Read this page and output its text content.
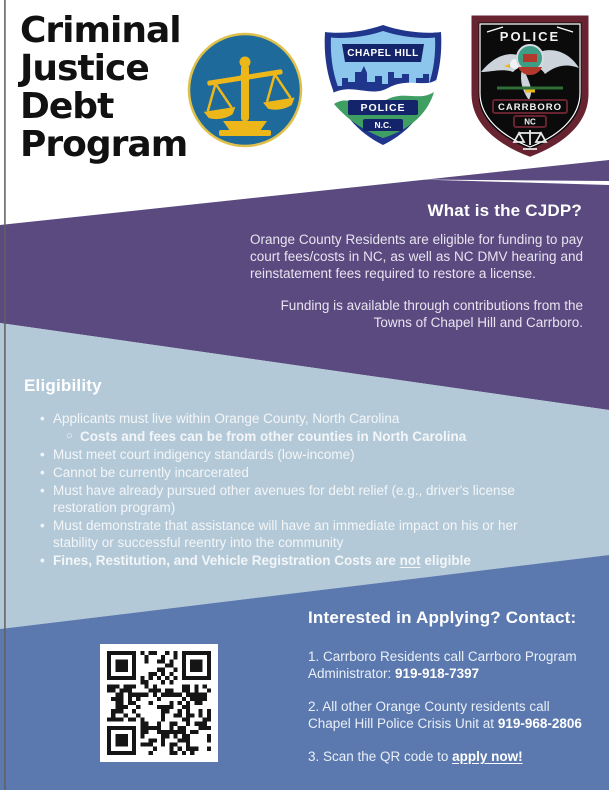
Criminal
Justice
Debt
Program
CHAPEL HILL
POLICE
N.C.
POLICE
CARRBORO
NC
What is the CJDP?
Orange County Residents are eligible for funding to pay court fees/costs in NC, as well as NC DMV hearing and reinstatement fees required to restore a license.
Funding is available through contributions from the Towns of Chapel Hill and Carrboro.
Eligibility
• Applicants must live within Orange County, North Carolina
○ Costs and fees can be from other counties in North Carolina
• Must meet court indigency standards (low-income)
• Cannot be currently incarcerated
• Must have already pursued other avenues for debt relief (e.g., driver's license restoration program)
• Must demonstrate that assistance will have an immediate impact on his or her stability or successful reentry into the community
• Fines, Restitution, and Vehicle Registration Costs are not eligible
Interested in Applying? Contact:

1. Carrboro Residents call Carrboro Program Administrator: 919-918-7397

2. All other Orange County residents call Chapel Hill Police Crisis Unit at 919-968-2806

3. Scan the QR code to apply now!
